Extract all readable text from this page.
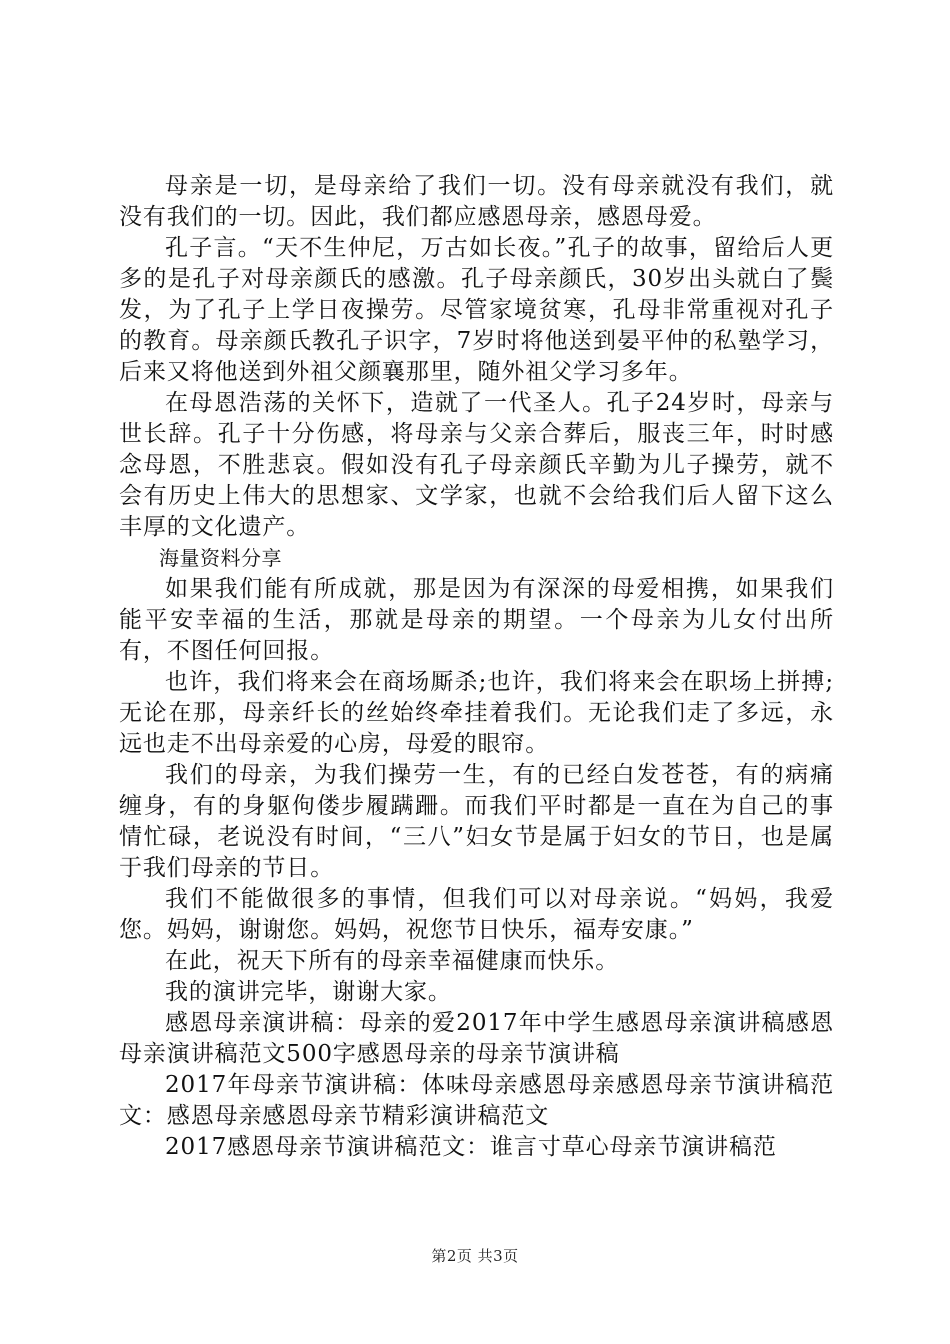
母亲是一切，是母亲给了我们一切。没有母亲就没有我们，就没有我们的一切。因此，我们都应感恩母亲，感恩母爱。

孔子言。“天不生仲尼，万古如长夜。”孔子的故事，留给后人更多的是孔子对母亲颜氏的感激。孔子母亲颜氏，30岁出头就白了鬓发，为了孔子上学日夜操劳。尽管家境贫寒，孔母非常重视对孔子的教育。母亲颜氏教孔子识字，7岁时将他送到晏平仲的私塾学习，后来又将他送到外祖父颜襄那里，随外祖父学习多年。

在母恩浩荡的关怀下，造就了一代圣人。孔子24岁时，母亲与世长辞。孔子十分伤感，将母亲与父亲合葬后，服丧三年，时时感念母恩，不胜悲哀。假如没有孔子母亲颜氏辛勤为儿子操劳，就不会有历史上伟大的思想家、文学家，也就不会给我们后人留下这么丰厚的文化遗产。

海量资料分享

如果我们能有所成就，那是因为有深深的母爱相携，如果我们能平安幸福的生活，那就是母亲的期望。一个母亲为儿女付出所有，不图任何回报。

也许，我们将来会在商场厮杀;也许，我们将来会在职场上拼搏;无论在那，母亲纤长的丝始终牵挂着我们。无论我们走了多远，永远也走不出母亲爱的心房，母爱的眼帘。

我们的母亲，为我们操劳一生，有的已经白发苍苍，有的病痛缠身，有的身躯佝偻步履蹒跚。而我们平时都是一直在为自己的事情忙碌，老说没有时间，“三八”妇女节是属于妇女的节日，也是属于我们母亲的节日。

我们不能做很多的事情，但我们可以对母亲说。“妈妈，我爱您。妈妈，谢谢您。妈妈，祝您节日快乐，福寿安康。”

在此，祝天下所有的母亲幸福健康而快乐。

我的演讲完毕，谢谢大家。

感恩母亲演讲稿：母亲的爱2017年中学生感恩母亲演讲稿感恩母亲演讲稿范文500字感恩母亲的母亲节演讲稿

2017年母亲节演讲稿：体味母亲感恩母亲感恩母亲节演讲稿范文：感恩母亲感恩母亲节精彩演讲稿范文

2017感恩母亲节演讲稿范文：谁言寸草心母亲节演讲稿范

第2页 共3页
